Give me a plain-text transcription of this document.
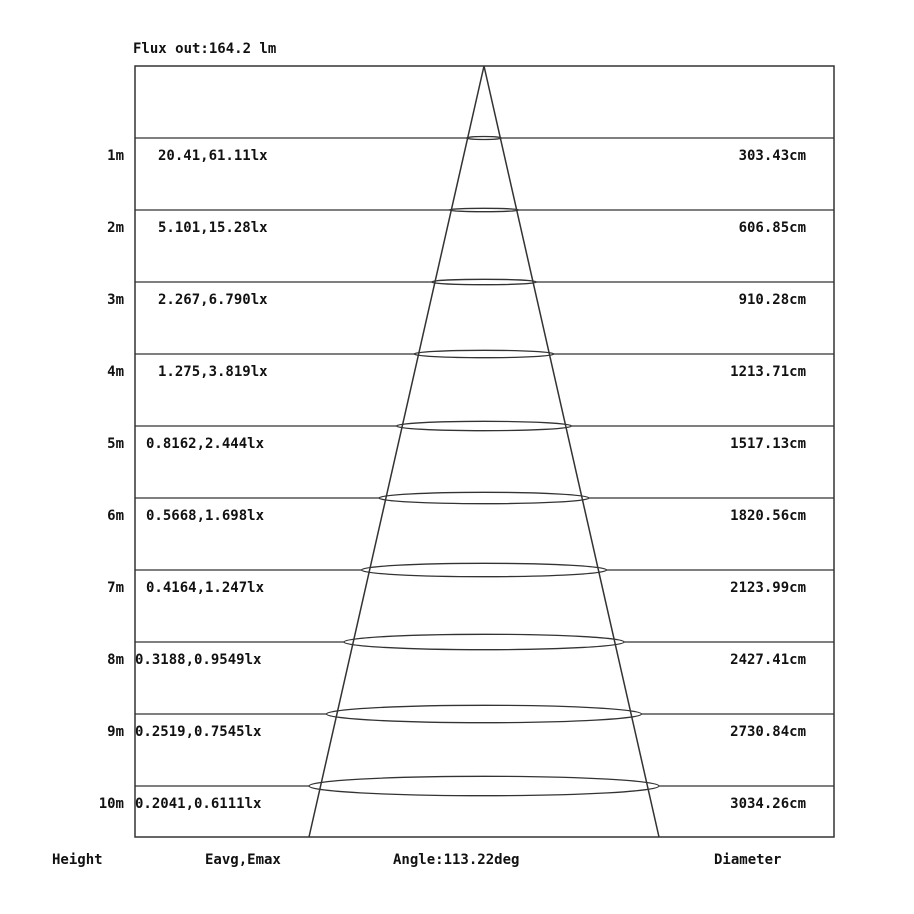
Flux out:164.2 lm
1m 20.41,61.11lx	303.43cm
2m 5.101,15.28lx	606.85cm
3m 2.267,6.790lx	910.28cm
4m 1.275,3.819lx	1213.71cm
5m 0.8162,2.444lx	1517.13cm
6m 0.5668,1.698lx	1820.56cm
7m 0.4164,1.247lx	2123.99cm
8m 0.3188,0.9549lx	2427.41cm
9m 0.2519,0.7545lx	2730.84cm
10m 0.2041,0.6111lx	3034.26cm
Height	Eavg,Emax	Angle:113.22deg	Diameter
